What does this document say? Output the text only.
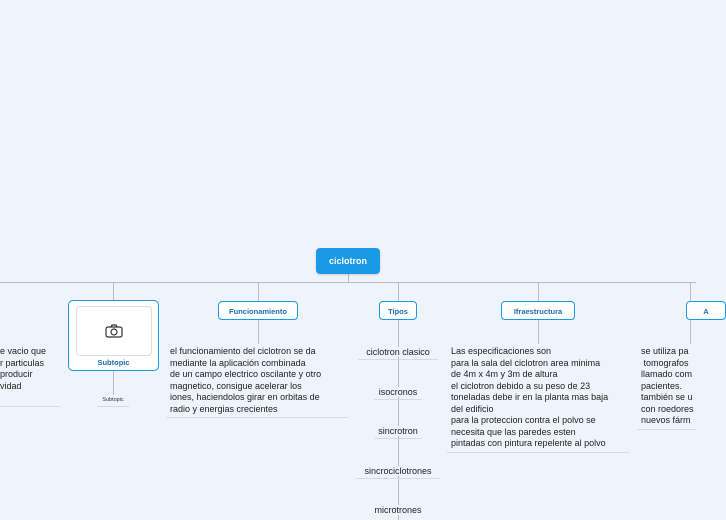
ciclotron
e vacio que
r particulas
producir
vidad
Subtopic
Subtopic
Funcionamiento
el funcionamiento del ciclotron se da
mediante la aplicación combinada
de un campo electrico oscilante y otro
magnetico, consigue acelerar los
iones, haciendolos girar en orbitas de
radio y energias crecientes
Tipos
ciclotron clasico
isocronos
sincrotron
sincrociclotrones
microtrones
Ifraestructura
Las especificaciones son
para la sala del ciclotron area minima
de 4m x 4m y 3m de altura
el ciclotron debido a su peso de 23
toneladas debe ir en la planta mas baja
del edificio
para la proteccion contra el polvo se
necesita que las paredes esten
pintadas con pintura repelente al polvo
A
se utiliza pa
tomografos
llamado com
pacientes.
también se u
con roedores
nuevos fárm
